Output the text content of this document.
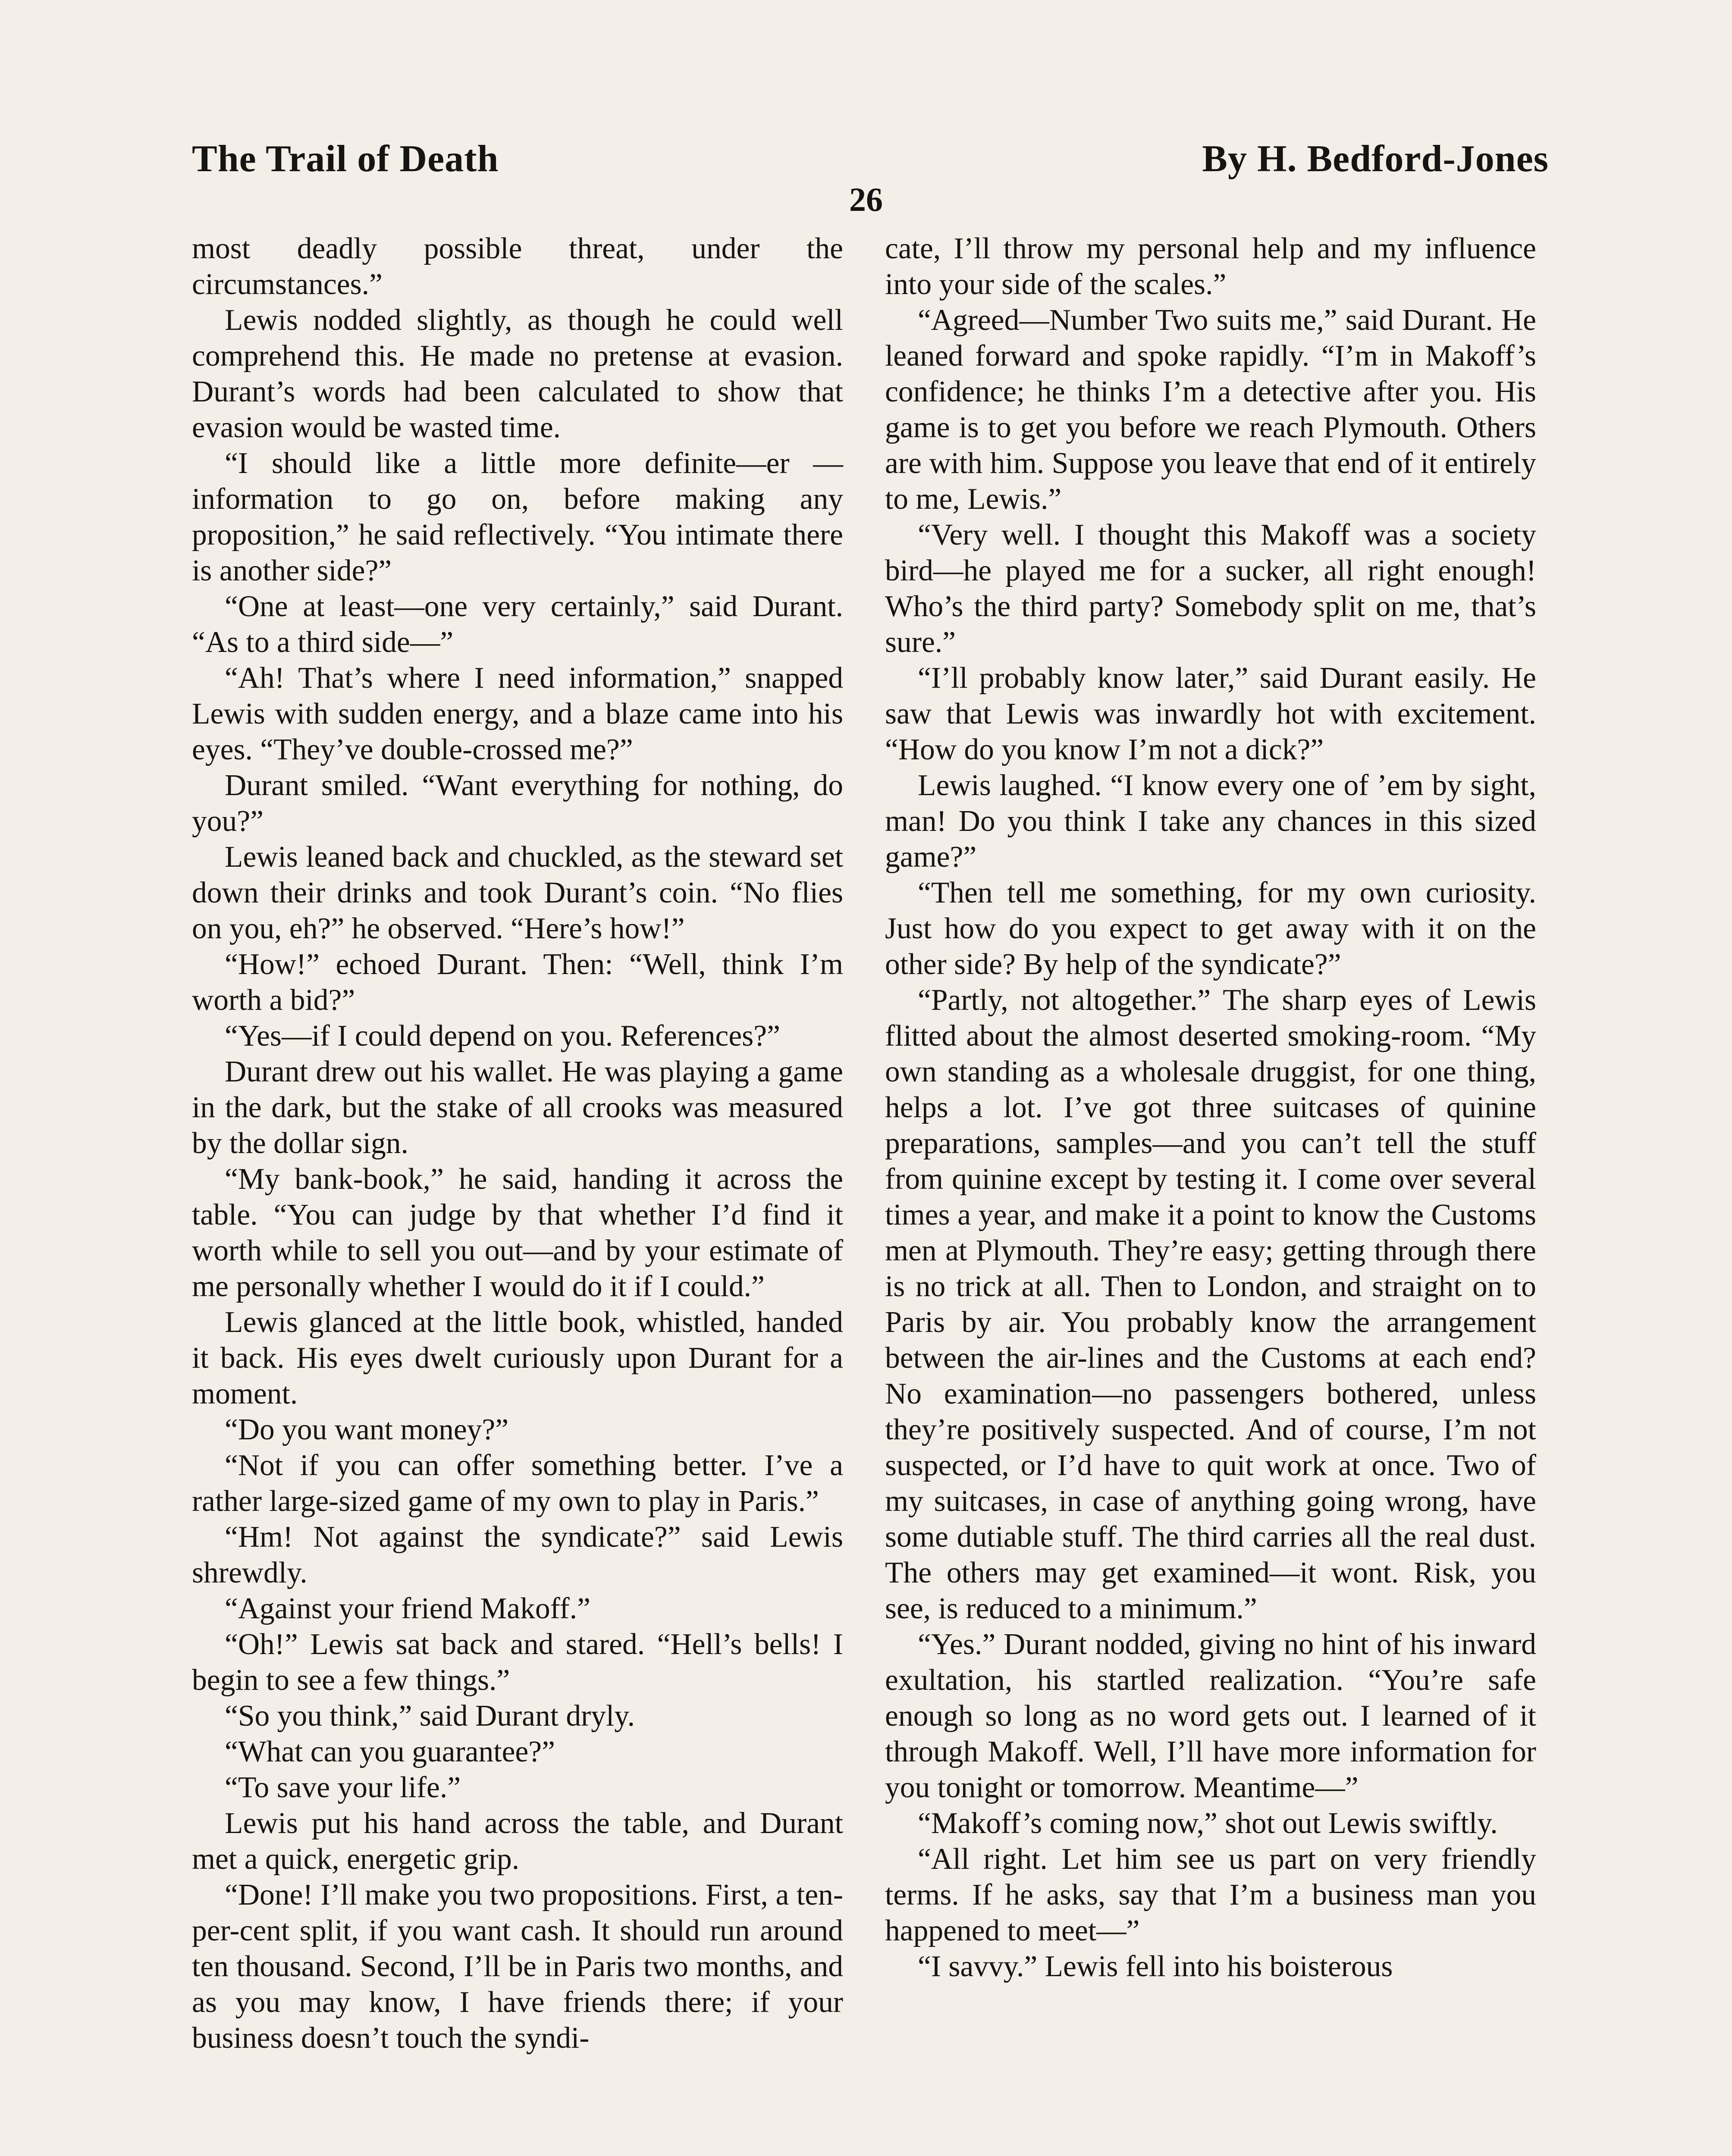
The Trail of Death	By H. Bedford-Jones
26

most deadly possible threat, under the circumstances.”

Lewis nodded slightly, as though he could well comprehend this. He made no pretense at evasion. Durant’s words had been calculated to show that evasion would be wasted time.

“I should like a little more definite—er —information to go on, before making any proposition,” he said reflectively. “You intimate there is another side?”

“One at least—one very certainly,” said Durant. “As to a third side—”

“Ah! That’s where I need information,” snapped Lewis with sudden energy, and a blaze came into his eyes. “They’ve double-crossed me?”

Durant smiled. “Want everything for nothing, do you?”

Lewis leaned back and chuckled, as the steward set down their drinks and took Durant’s coin. “No flies on you, eh?” he observed. “Here’s how!”

“How!” echoed Durant. Then: “Well, think I’m worth a bid?”

“Yes—if I could depend on you. References?”

Durant drew out his wallet. He was playing a game in the dark, but the stake of all crooks was measured by the dollar sign.

“My bank-book,” he said, handing it across the table. “You can judge by that whether I’d find it worth while to sell you out—and by your estimate of me personally whether I would do it if I could.”

Lewis glanced at the little book, whistled, handed it back. His eyes dwelt curiously upon Durant for a moment.

“Do you want money?”

“Not if you can offer something better. I’ve a rather large-sized game of my own to play in Paris.”

“Hm! Not against the syndicate?” said Lewis shrewdly.

“Against your friend Makoff.”

“Oh!” Lewis sat back and stared. “Hell’s bells! I begin to see a few things.”

“So you think,” said Durant dryly.

“What can you guarantee?”

“To save your life.”

Lewis put his hand across the table, and Durant met a quick, energetic grip.

“Done! I’ll make you two propositions. First, a ten-per-cent split, if you want cash. It should run around ten thousand. Second, I’ll be in Paris two months, and as you may know, I have friends there; if your business doesn’t touch the syndi-

cate, I’ll throw my personal help and my influence into your side of the scales.”

“Agreed—Number Two suits me,” said Durant. He leaned forward and spoke rapidly. “I’m in Makoff’s confidence; he thinks I’m a detective after you. His game is to get you before we reach Plymouth. Others are with him. Suppose you leave that end of it entirely to me, Lewis.”

“Very well. I thought this Makoff was a society bird—he played me for a sucker, all right enough! Who’s the third party? Somebody split on me, that’s sure.”

“I’ll probably know later,” said Durant easily. He saw that Lewis was inwardly hot with excitement. “How do you know I’m not a dick?”

Lewis laughed. “I know every one of ’em by sight, man! Do you think I take any chances in this sized game?”

“Then tell me something, for my own curiosity. Just how do you expect to get away with it on the other side? By help of the syndicate?”

“Partly, not altogether.” The sharp eyes of Lewis flitted about the almost deserted smoking-room. “My own standing as a wholesale druggist, for one thing, helps a lot. I’ve got three suitcases of quinine preparations, samples—and you can’t tell the stuff from quinine except by testing it. I come over several times a year, and make it a point to know the Customs men at Plymouth. They’re easy; getting through there is no trick at all. Then to London, and straight on to Paris by air. You probably know the arrangement between the air-lines and the Customs at each end? No examination—no passengers bothered, unless they’re positively suspected. And of course, I’m not suspected, or I’d have to quit work at once. Two of my suitcases, in case of anything going wrong, have some dutiable stuff. The third carries all the real dust. The others may get examined—it wont. Risk, you see, is reduced to a minimum.”

“Yes.” Durant nodded, giving no hint of his inward exultation, his startled realization. “You’re safe enough so long as no word gets out. I learned of it through Makoff. Well, I’ll have more information for you tonight or tomorrow. Meantime—”

“Makoff’s coming now,” shot out Lewis swiftly.

“All right. Let him see us part on very friendly terms. If he asks, say that I’m a business man you happened to meet—”

“I savvy.” Lewis fell into his boisterous
